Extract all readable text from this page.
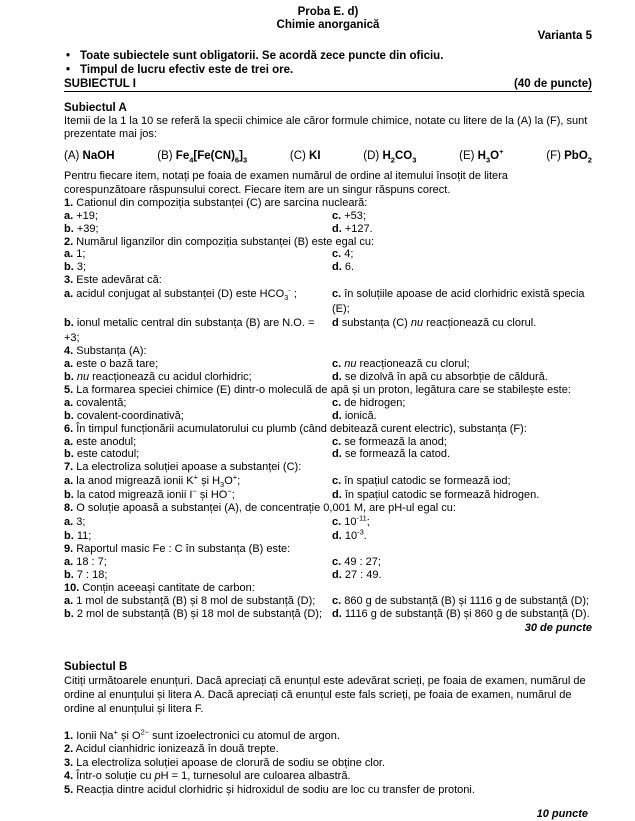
Proba E. d)
Chimie anorganică
Varianta 5
• Toate subiectele sunt obligatorii. Se acordă zece puncte din oficiu.
• Timpul de lucru efectiv este de trei ore.
SUBIECTUL I	(40 de puncte)
Subiectul A

Itemii de la 1 la 10 se referă la specii chimice ale căror formule chimice, notate cu litere de la (A) la (F), sunt prezentate mai jos:

(A) NaOH	(B) $Fe_4[Fe(CN)_6]_3$	(C) KI	(D) $H_2CO_3$	(E) $H_3O^+$	(F) PbO$_2$

Pentru fiecare item, notați pe foaia de examen numărul de ordine al itemului însoțit de litera corespunzătoare răspunsului corect. Fiecare item are un singur răspuns corect.

1. Cationul din compoziția substanței (C) are sarcina nucleară:
a. +19;	c. +53;
b. +39;	d. +127.
2. Numărul liganzilor din compoziția substanței (B) este egal cu:
a. 1;	c. 4;
b. 3;	d. 6.
3. Este adevărat că:
a. acidul conjugat al substanței (D) este $HCO_3^-$ ;	c. în soluțiile apoase de acid clorhidric există specia (E);
b. ionul metalic central din substanța (B) are N.O. = +3;
d substanța (C) nu reacționează cu clorul.
4. Substanța (A):
a. este o bază tare;	c. nu reacționează cu clorul;
b. nu reacționează cu acidul clorhidric;	d. se dizolvă în apă cu absorbție de căldură.
5. La formarea speciei chimice (E) dintr-o moleculă de apă și un proton, legătura care se stabilește este:
a. covalentă;	c. de hidrogen;
b. covalent-coordinativă;	d. ionică.
6. În timpul funcționării acumulatorului cu plumb (când debitează curent electric), substanța (F):
a. este anodul;	c. se formează la anod;
b. este catodul;	d. se formează la catod.
7. La electroliza soluției apoase a substanței (C):
a. la anod migrează ionii K+ și $H_3O^+$;	c. în spațiul catodic se formează iod;
b. la catod migrează ionii I− și HO−;	d. în spațiul catodic se formează hidrogen.
8. O soluție apoasă a substanței (A), de concentrație 0,001 M, are pH-ul egal cu:
a. 3;	c. $10^{-11}$;
b. 11;	d. $10^{-3}$.
9. Raportul masic Fe : C în substanța (B) este:
a. 18 : 7;	c. 49 : 27;
b. 7 : 18;	d. 27 : 49.
10. Conțin aceeași cantitate de carbon:
a. 1 mol de substanță (B) și 8 mol de substanță (D);	c. 860 g de substanță (B) și 1116 g de substanță (D);
b. 2 mol de substanță (B) și 18 mol de substanță (D); d. 1116 g de substanță (B) și 860 g de substanță (D).
30 de puncte
Subiectul B

Citiți următoarele enunțuri. Dacă apreciați că enunțul este adevărat scrieți, pe foaia de examen, numărul de ordine al enunțului și litera A. Dacă apreciați că enunțul este fals scrieți, pe foaia de examen, numărul de ordine al enunțului și litera F.

1. Ionii Na+ și $O^{2-}$ sunt izoelectronici cu atomul de argon.
2. Acidul cianhidric ionizează în două trepte.
3. La electroliza soluției apoase de clorură de sodiu se obține clor.
4. Într-o soluție cu pH = 1, turnesolul are culoarea albastră.
5. Reacția dintre acidul clorhidric și hidroxidul de sodiu are loc cu transfer de protoni.
10 puncte
